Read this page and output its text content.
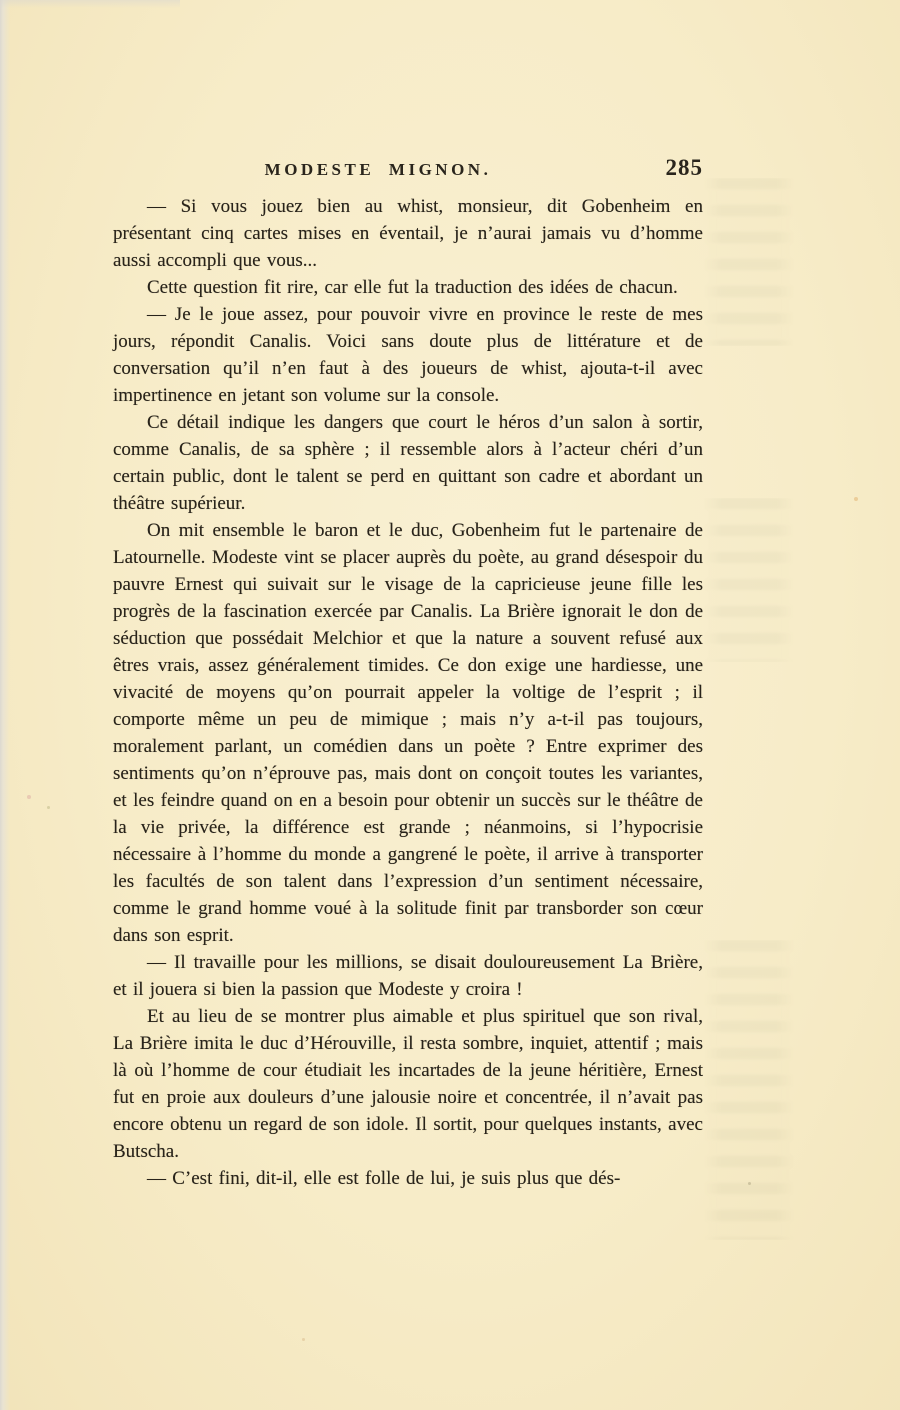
MODESTE MIGNON.	285

— Si vous jouez bien au whist, monsieur, dit Gobenheim en présentant cinq cartes mises en éventail, je n’aurai jamais vu d’homme aussi accompli que vous...

Cette question fit rire, car elle fut la traduction des idées de chacun.

— Je le joue assez, pour pouvoir vivre en province le reste de mes jours, répondit Canalis. Voici sans doute plus de littérature et de conversation qu’il n’en faut à des joueurs de whist, ajouta-t-il avec impertinence en jetant son volume sur la console.

Ce détail indique les dangers que court le héros d’un salon à sortir, comme Canalis, de sa sphère ; il ressemble alors à l’acteur chéri d’un certain public, dont le talent se perd en quittant son cadre et abordant un théâtre supérieur.

On mit ensemble le baron et le duc, Gobenheim fut le partenaire de Latournelle. Modeste vint se placer auprès du poète, au grand désespoir du pauvre Ernest qui suivait sur le visage de la capricieuse jeune fille les progrès de la fascination exercée par Canalis. La Brière ignorait le don de séduction que possédait Melchior et que la nature a souvent refusé aux êtres vrais, assez généralement timides. Ce don exige une hardiesse, une vivacité de moyens qu’on pourrait appeler la voltige de l’esprit ; il comporte même un peu de mimique ; mais n’y a-t-il pas toujours, moralement parlant, un comédien dans un poète ? Entre exprimer des sentiments qu’on n’éprouve pas, mais dont on conçoit toutes les variantes, et les feindre quand on en a besoin pour obtenir un succès sur le théâtre de la vie privée, la différence est grande ; néanmoins, si l’hypocrisie nécessaire à l’homme du monde a gangrené le poète, il arrive à transporter les facultés de son talent dans l’expression d’un sentiment nécessaire, comme le grand homme voué à la solitude finit par transborder son cœur dans son esprit.

— Il travaille pour les millions, se disait douloureusement La Brière, et il jouera si bien la passion que Modeste y croira !

Et au lieu de se montrer plus aimable et plus spirituel que son rival, La Brière imita le duc d’Hérouville, il resta sombre, inquiet, attentif ; mais là où l’homme de cour étudiait les incartades de la jeune héritière, Ernest fut en proie aux douleurs d’une jalousie noire et concentrée, il n’avait pas encore obtenu un regard de son idole. Il sortit, pour quelques instants, avec Butscha.

— C’est fini, dit-il, elle est folle de lui, je suis plus que dés-
